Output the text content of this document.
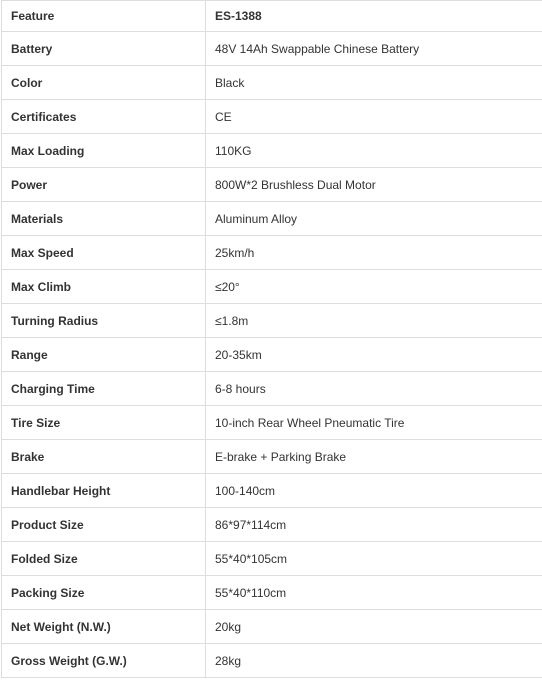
Feature	ES-1388
Battery	48V 14Ah Swappable Chinese Battery
Color	Black
Certificates	CE
Max Loading	110KG
Power	800W*2 Brushless Dual Motor
Materials	Aluminum Alloy
Max Speed	25km/h
Max Climb	≤20°
Turning Radius	≤1.8m
Range	20-35km
Charging Time	6-8 hours
Tire Size	10-inch Rear Wheel Pneumatic Tire
Brake	E-brake + Parking Brake
Handlebar Height	100-140cm
Product Size	86*97*114cm
Folded Size	55*40*105cm
Packing Size	55*40*110cm
Net Weight (N.W.)	20kg
Gross Weight (G.W.)	28kg
